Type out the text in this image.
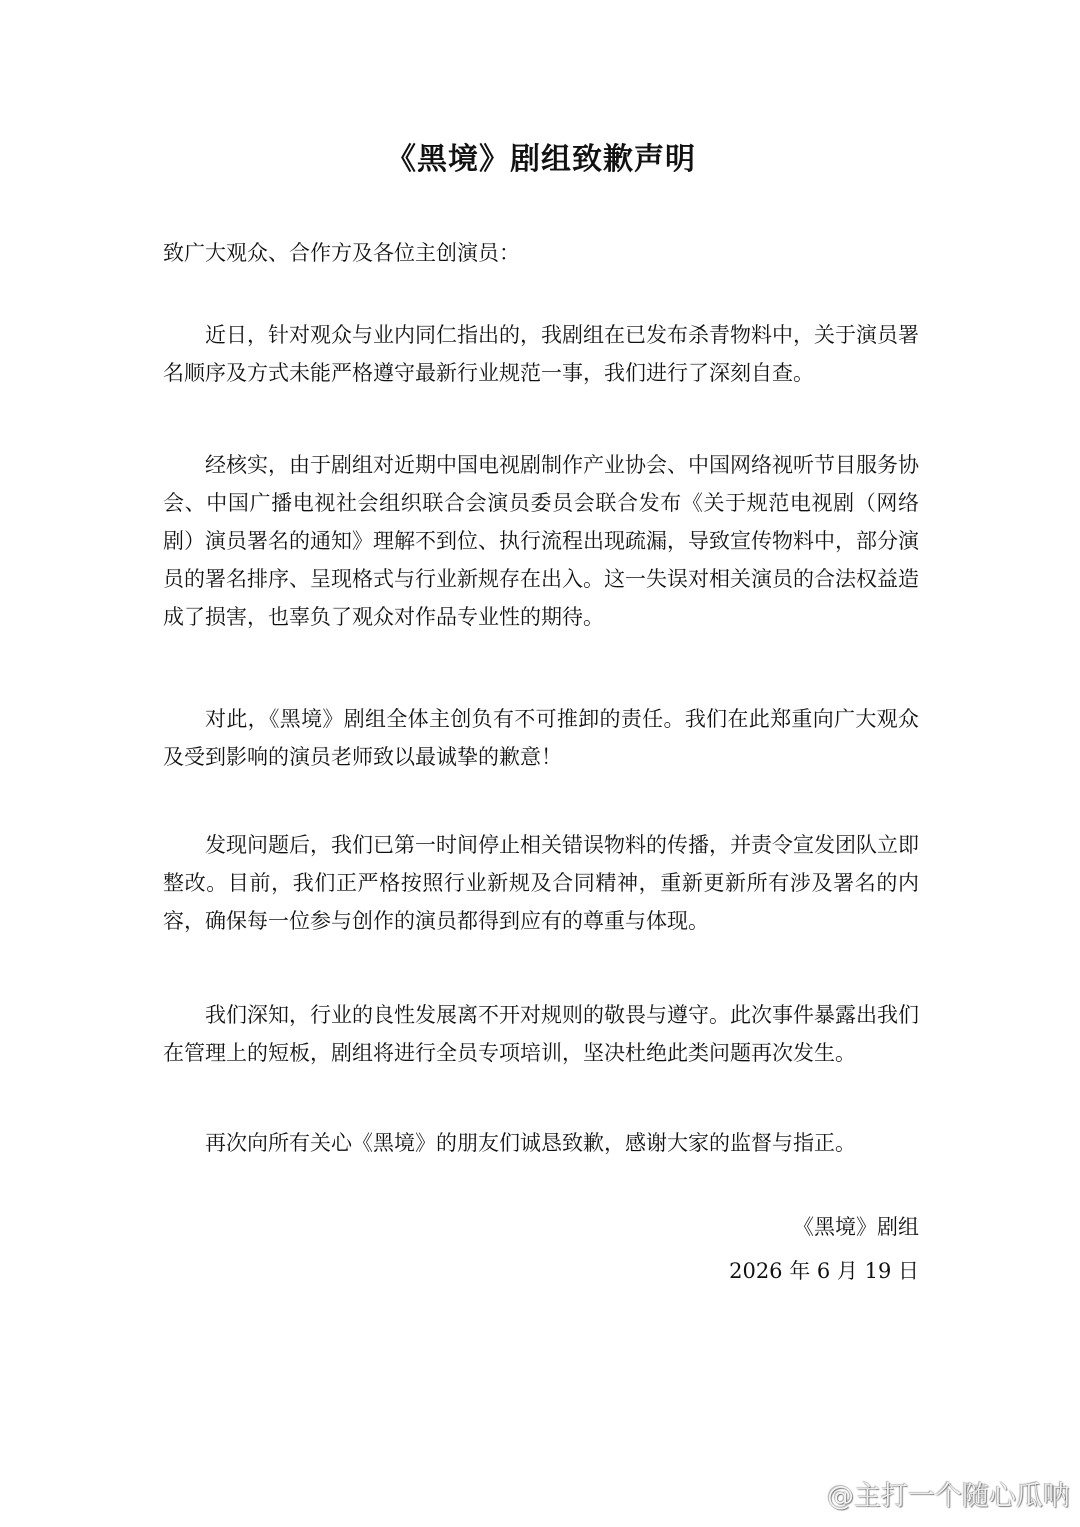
《黑境》剧组致歉声明
致广大观众、合作方及各位主创演员：
近日，针对观众与业内同仁指出的，我剧组在已发布杀青物料中，关于演员署名顺序及方式未能严格遵守最新行业规范一事，我们进行了深刻自查。
经核实，由于剧组对近期中国电视剧制作产业协会、中国网络视听节目服务协会、中国广播电视社会组织联合会演员委员会联合发布《关于规范电视剧（网络剧）演员署名的通知》理解不到位、执行流程出现疏漏，导致宣传物料中，部分演员的署名排序、呈现格式与行业新规存在出入。这一失误对相关演员的合法权益造成了损害，也辜负了观众对作品专业性的期待。
对此，《黑境》剧组全体主创负有不可推卸的责任。我们在此郑重向广大观众及受到影响的演员老师致以最诚挚的歉意！
发现问题后，我们已第一时间停止相关错误物料的传播，并责令宣发团队立即整改。目前，我们正严格按照行业新规及合同精神，重新更新所有涉及署名的内容，确保每一位参与创作的演员都得到应有的尊重与体现。
我们深知，行业的良性发展离不开对规则的敬畏与遵守。此次事件暴露出我们在管理上的短板，剧组将进行全员专项培训，坚决杜绝此类问题再次发生。
再次向所有关心《黑境》的朋友们诚恳致歉，感谢大家的监督与指正。
《黑境》剧组
2026 年 6 月 19 日
@主打一个随心瓜呐
